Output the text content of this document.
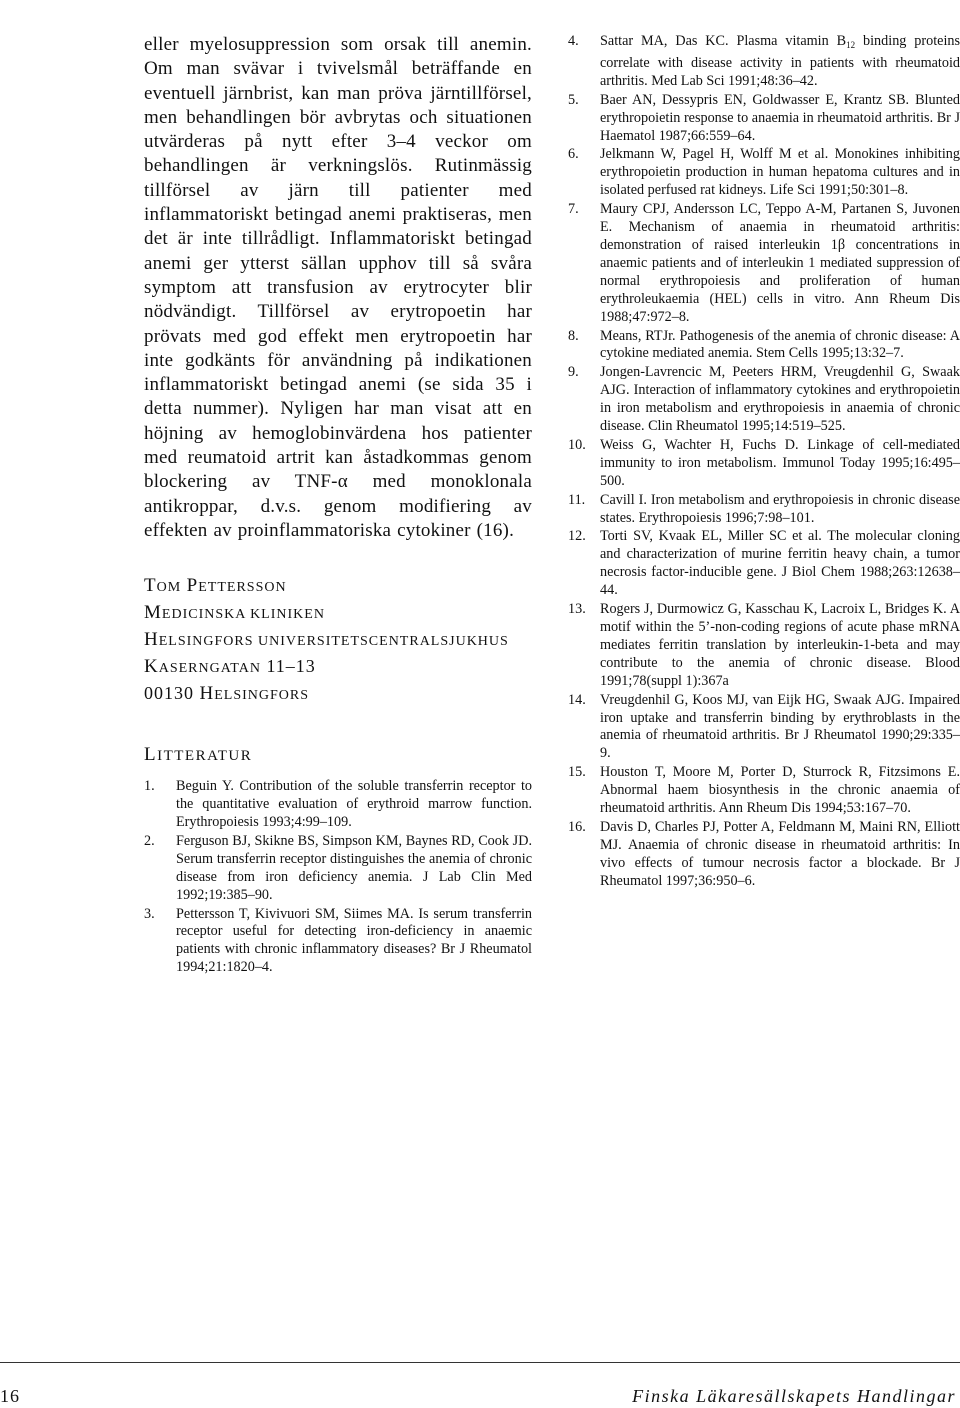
eller myelosuppression som orsak till anemin. Om man svävar i tvivelsmål beträffande en eventuell järnbrist, kan man pröva järntillförsel, men behandlingen bör avbrytas och situationen utvärderas på nytt efter 3–4 veckor om behandlingen är verkningslös. Rutinmässig tillförsel av järn till patienter med inflammatoriskt betingad anemi praktiseras, men det är inte tillrådligt. Inflammatoriskt betingad anemi ger ytterst sällan upphov till så svåra symptom att transfusion av erytrocyter blir nödvändigt. Tillförsel av erytropoetin har prövats med god effekt men erytropoetin har inte godkänts för användning på indikationen inflammatoriskt betingad anemi (se sida 35 i detta nummer). Nyligen har man visat att en höjning av hemoglobinvärdena hos patienter med reumatoid artrit kan åstadkommas genom blockering av TNF-α med monoklonala antikroppar, d.v.s. genom modifiering av effekten av proinflammatoriska cytokiner (16).

TOM PETTERSSON
MEDICINSKA KLINIKEN
HELSINGFORS UNIVERSITETSCENTRALSJUKHUS
KASERNGATAN 11–13
00130 HELSINGFORS
LITTERATUR
1. Beguin Y. Contribution of the soluble transferrin receptor to the quantitative evaluation of erythroid marrow function. Erythropoiesis 1993;4:99–109.
2. Ferguson BJ, Skikne BS, Simpson KM, Baynes RD, Cook JD. Serum transferrin receptor distinguishes the anemia of chronic disease from iron deficiency anemia. J Lab Clin Med 1992;19:385–90.
3. Pettersson T, Kivivuori SM, Siimes MA. Is serum transferrin receptor useful for detecting iron-deficiency in anaemic patients with chronic inflammatory diseases? Br J Rheumatol 1994;21:1820–4.
4. Sattar MA, Das KC. Plasma vitamin $B_{12}$ binding proteins correlate with disease activity in patients with rheumatoid arthritis. Med Lab Sci 1991;48:36–42.
5. Baer AN, Dessypris EN, Goldwasser E, Krantz SB. Blunted erythropoietin response to anaemia in rheumatoid arthritis. Br J Haematol 1987;66:559–64.
6. Jelkmann W, Pagel H, Wolff M et al. Monokines inhibiting erythropoietin production in human hepatoma cultures and in isolated perfused rat kidneys. Life Sci 1991;50:301–8.
7. Maury CPJ, Andersson LC, Teppo A-M, Partanen S, Juvonen E. Mechanism of anaemia in rheumatoid arthritis: demonstration of raised interleukin 1β concentrations in anaemic patients and of interleukin 1 mediated suppression of normal erythropoiesis and proliferation of human erythroleukaemia (HEL) cells in vitro. Ann Rheum Dis 1988;47:972–8.
8. Means, RTJr. Pathogenesis of the anemia of chronic disease: A cytokine mediated anemia. Stem Cells 1995;13:32–7.
9. Jongen-Lavrencic M, Peeters HRM, Vreugdenhil G, Swaak AJG. Interaction of inflammatory cytokines and erythropoietin in iron metabolism and erythropoiesis in anaemia of chronic disease. Clin Rheumatol 1995;14:519–525.
10. Weiss G, Wachter H, Fuchs D. Linkage of cell-mediated immunity to iron metabolism. Immunol Today 1995;16:495–500.
11. Cavill I. Iron metabolism and erythropoiesis in chronic disease states. Erythropoiesis 1996;7:98–101.
12. Torti SV, Kvaak EL, Miller SC et al. The molecular cloning and characterization of murine ferritin heavy chain, a tumor necrosis factor-inducible gene. J Biol Chem 1988;263:12638–44.
13. Rogers J, Durmowicz G, Kasschau K, Lacroix L, Bridges K. A motif within the 5’-non-coding regions of acute phase mRNA mediates ferritin translation by interleukin-1-beta and may contribute to the anemia of chronic disease. Blood 1991;78(suppl 1):367a
14. Vreugdenhil G, Koos MJ, van Eijk HG, Swaak AJG. Impaired iron uptake and transferrin binding by erythroblasts in the anemia of rheumatoid arthritis. Br J Rheumatol 1990;29:335–9.
15. Houston T, Moore M, Porter D, Sturrock R, Fitzsimons E. Abnormal haem biosynthesis in the chronic anaemia of rheumatoid arthritis. Ann Rheum Dis 1994;53:167–70.
16. Davis D, Charles PJ, Potter A, Feldmann M, Maini RN, Elliott MJ. Anaemia of chronic disease in rheumatoid arthritis: In vivo effects of tumour necrosis factor a blockade. Br J Rheumatol 1997;36:950–6.
16	Finska Läkaresällskapets Handlingar
